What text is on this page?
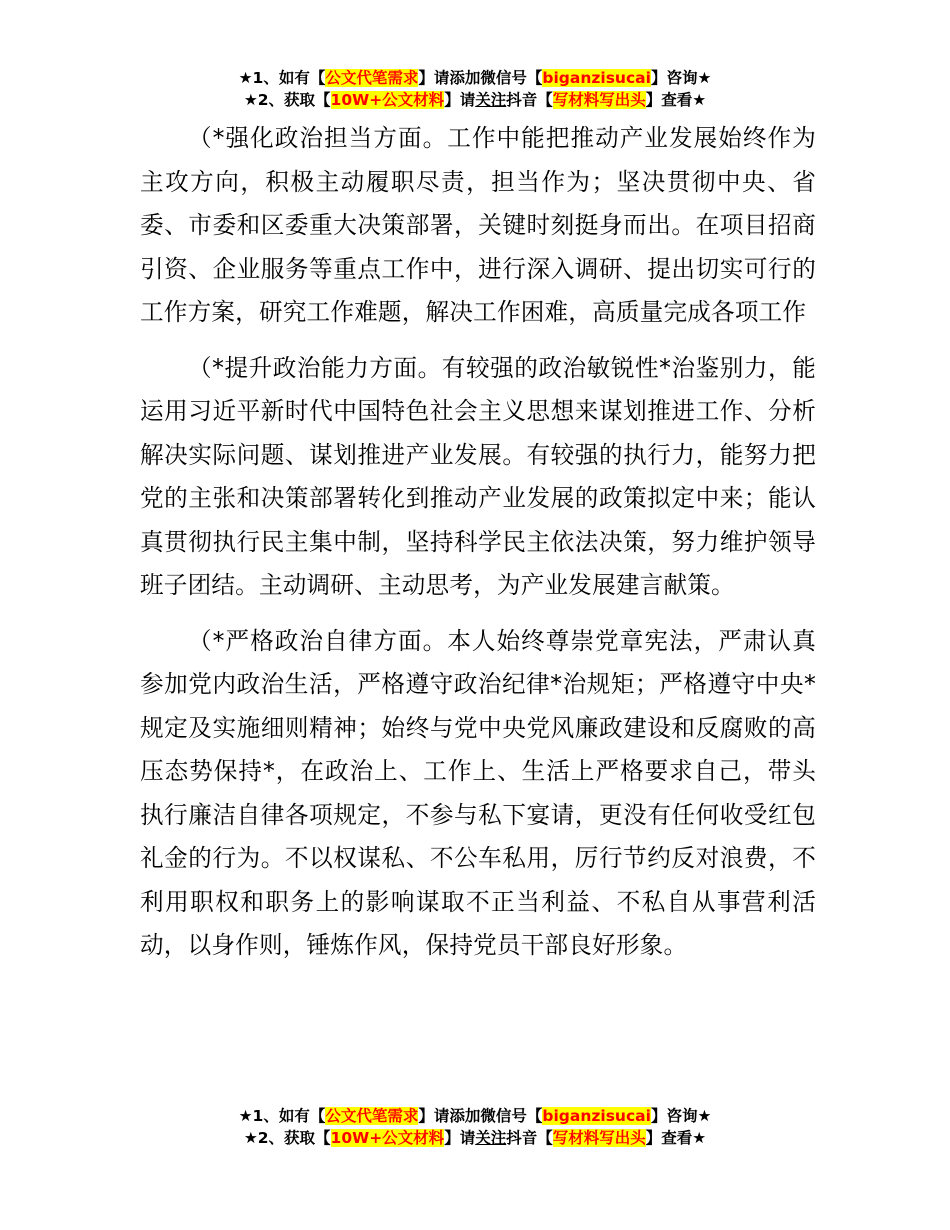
★1、如有【公文代笔需求】请添加微信号【biganzisucai】咨询★
★2、获取【10W+公文材料】请关注抖音【写材料写出头】查看★

（*强化政治担当方面。工作中能把推动产业发展始终作为主攻方向，积极主动履职尽责，担当作为；坚决贯彻中央、省委、市委和区委重大决策部署，关键时刻挺身而出。在项目招商引资、企业服务等重点工作中，进行深入调研、提出切实可行的工作方案，研究工作难题，解决工作困难，高质量完成各项工作

（*提升政治能力方面。有较强的政治敏锐性*治鉴别力，能运用习近平新时代中国特色社会主义思想来谋划推进工作、分析解决实际问题、谋划推进产业发展。有较强的执行力，能努力把党的主张和决策部署转化到推动产业发展的政策拟定中来；能认真贯彻执行民主集中制，坚持科学民主依法决策，努力维护领导班子团结。主动调研、主动思考，为产业发展建言献策。

（*严格政治自律方面。本人始终尊崇党章宪法，严肃认真参加党内政治生活，严格遵守政治纪律*治规矩；严格遵守中央*规定及实施细则精神；始终与党中央党风廉政建设和反腐败的高压态势保持*，在政治上、工作上、生活上严格要求自己，带头执行廉洁自律各项规定，不参与私下宴请，更没有任何收受红包礼金的行为。不以权谋私、不公车私用，厉行节约反对浪费，不利用职权和职务上的影响谋取不正当利益、不私自从事营利活动，以身作则，锤炼作风，保持党员干部良好形象。

★1、如有【公文代笔需求】请添加微信号【biganzisucai】咨询★
★2、获取【10W+公文材料】请关注抖音【写材料写出头】查看★
